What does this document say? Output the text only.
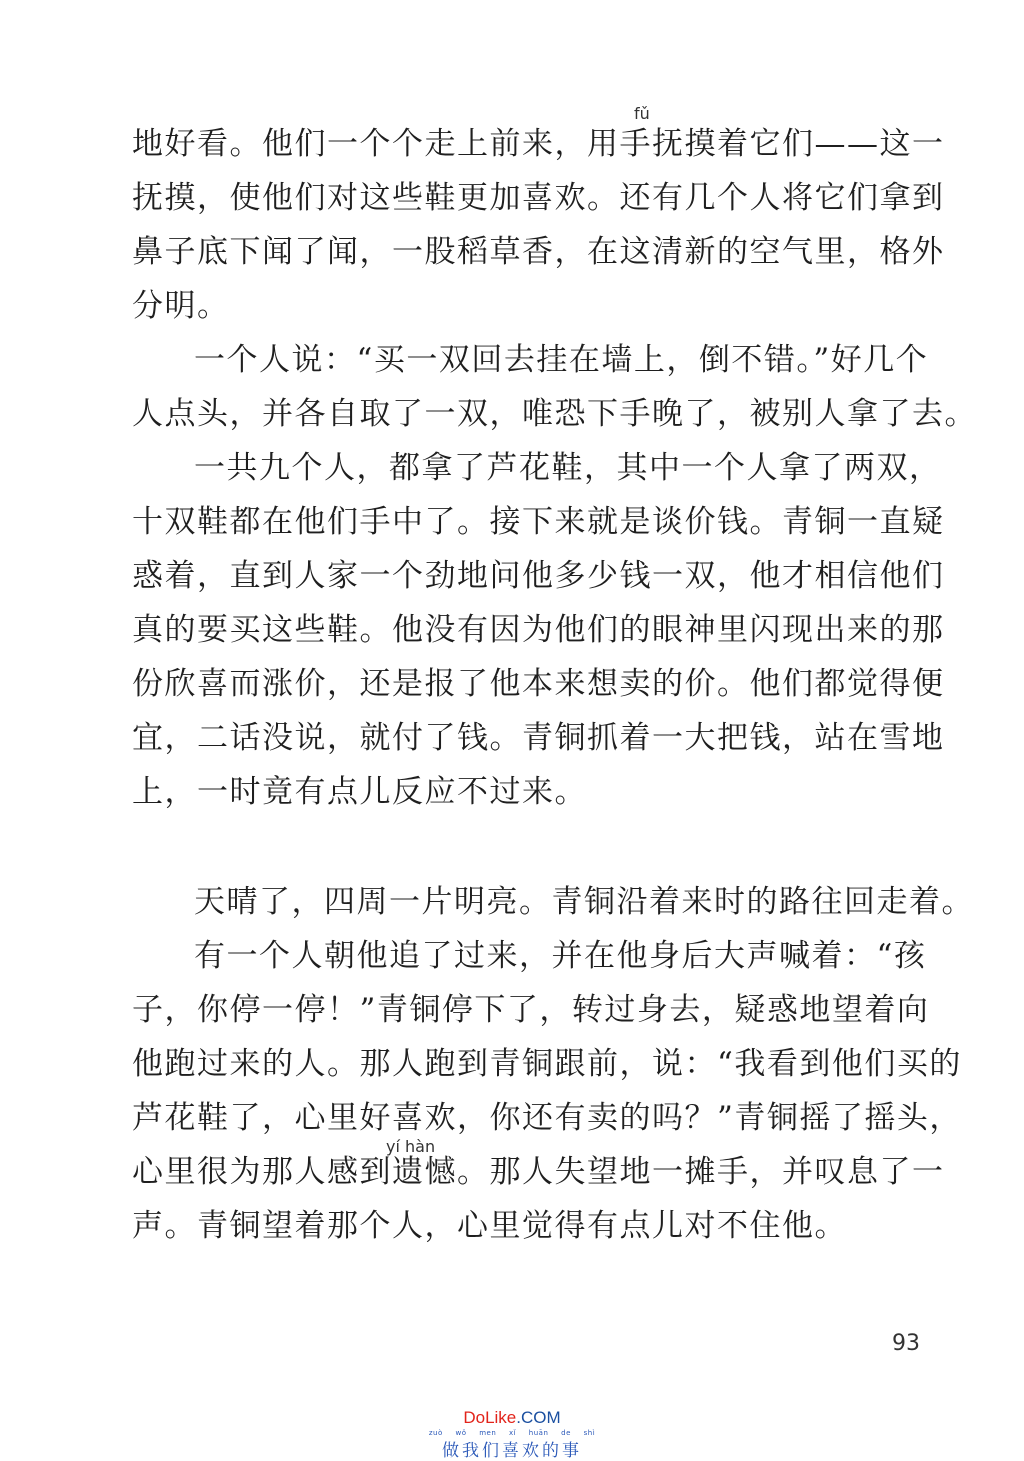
fǔ
yí hàn
地好看。他们一个个走上前来，用手抚摸着它们——这一
抚摸，使他们对这些鞋更加喜欢。还有几个人将它们拿到
鼻子底下闻了闻，一股稻草香，在这清新的空气里，格外
分明。
一个人说：“买一双回去挂在墙上，倒不错。”好几个
人点头，并各自取了一双，唯恐下手晚了，被别人拿了去。
一共九个人，都拿了芦花鞋，其中一个人拿了两双，
十双鞋都在他们手中了。接下来就是谈价钱。青铜一直疑
惑着，直到人家一个劲地问他多少钱一双，他才相信他们
真的要买这些鞋。他没有因为他们的眼神里闪现出来的那
份欣喜而涨价，还是报了他本来想卖的价。他们都觉得便
宜，二话没说，就付了钱。青铜抓着一大把钱，站在雪地
上，一时竟有点儿反应不过来。
天晴了，四周一片明亮。青铜沿着来时的路往回走着。
有一个人朝他追了过来，并在他身后大声喊着：“孩
子，你停一停！”青铜停下了，转过身去，疑惑地望着向
他跑过来的人。那人跑到青铜跟前，说：“我看到他们买的
芦花鞋了，心里好喜欢，你还有卖的吗？”青铜摇了摇头，
心里很为那人感到遗憾。那人失望地一摊手，并叹息了一
声。青铜望着那个人，心里觉得有点儿对不住他。
93
DoLike.COM
zuò wǒ men xǐ huān de shì
做我们喜欢的事
